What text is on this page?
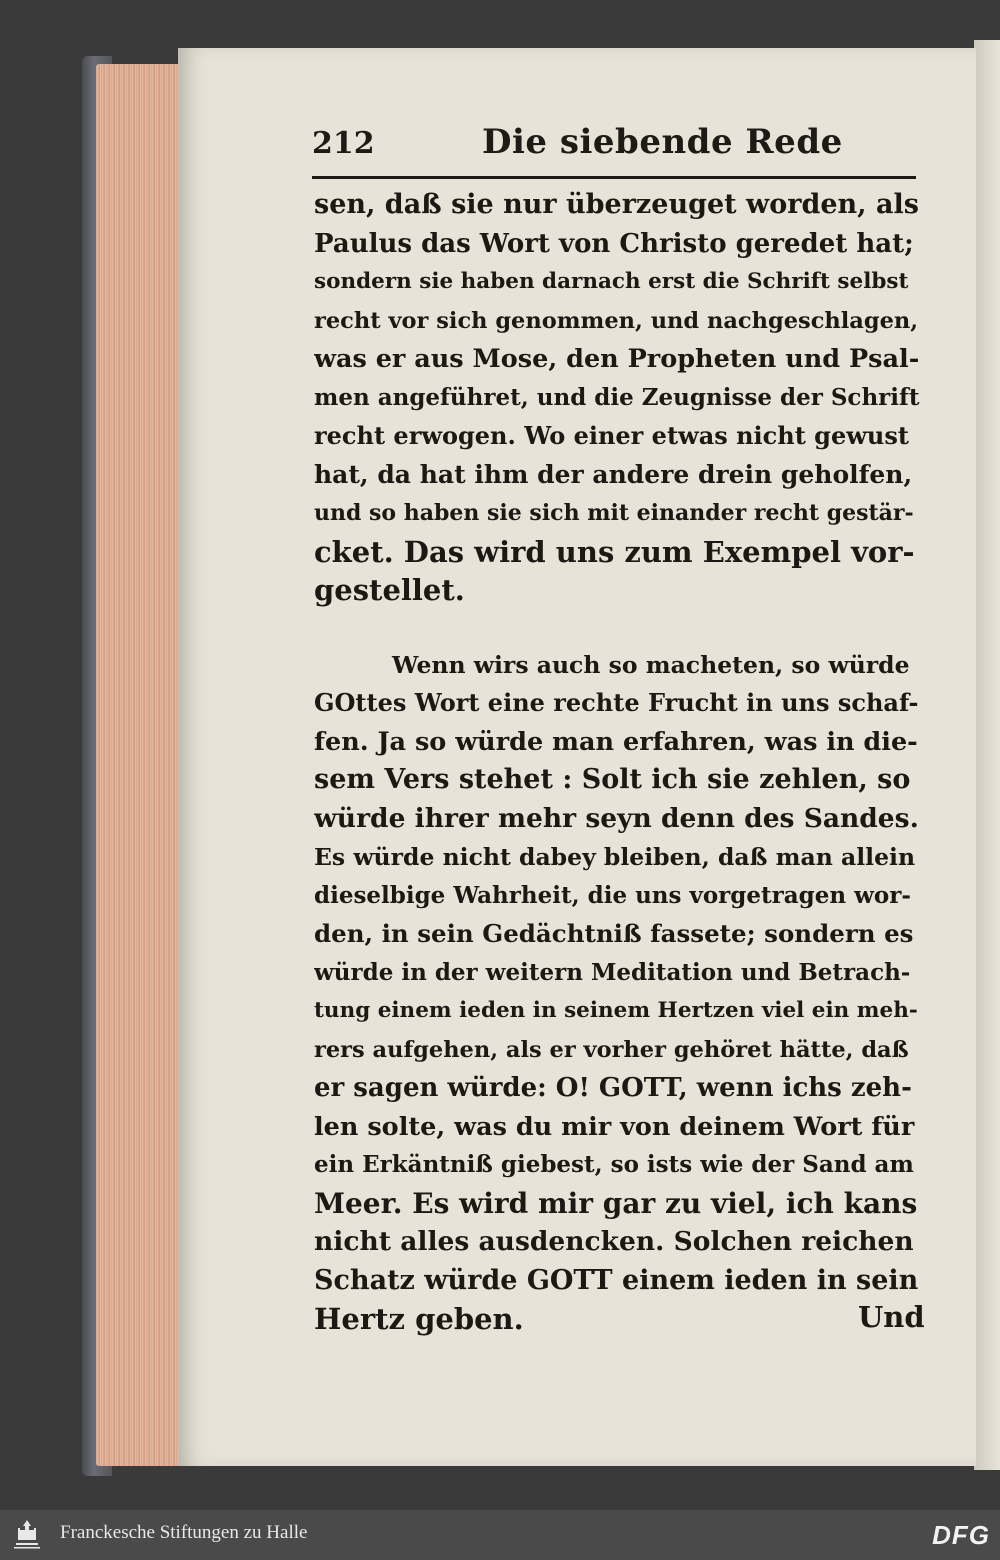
212	Die siebende Rede
sen, daß sie nur überzeuget worden, als
Paulus das Wort von Christo geredet hat;
sondern sie haben darnach erst die Schrift selbst
recht vor sich genommen, und nachgeschlagen,
was er aus Mose, den Propheten und Psal-
men angeführet, und die Zeugnisse der Schrift
recht erwogen. Wo einer etwas nicht gewust
hat, da hat ihm der andere drein geholfen,
und so haben sie sich mit einander recht gestär-
cket. Das wird uns zum Exempel vor-
gestellet.
Wenn wirs auch so macheten, so würde
GOttes Wort eine rechte Frucht in uns schaf-
fen. Ja so würde man erfahren, was in die-
sem Vers stehet : Solt ich sie zehlen, so
würde ihrer mehr seyn denn des Sandes.
Es würde nicht dabey bleiben, daß man allein
dieselbige Wahrheit, die uns vorgetragen wor-
den, in sein Gedächtniß fassete; sondern es
würde in der weitern Meditation und Betrach-
tung einem ieden in seinem Hertzen viel ein meh-
rers aufgehen, als er vorher gehöret hätte, daß
er sagen würde: O! GOTT, wenn ichs zeh-
len solte, was du mir von deinem Wort für
ein Erkäntniß giebest, so ists wie der Sand am
Meer. Es wird mir gar zu viel, ich kans
nicht alles ausdencken. Solchen reichen
Schatz würde GOTT einem ieden in sein
Hertz geben.	Und
Franckesche Stiftungen zu Halle	DFG
